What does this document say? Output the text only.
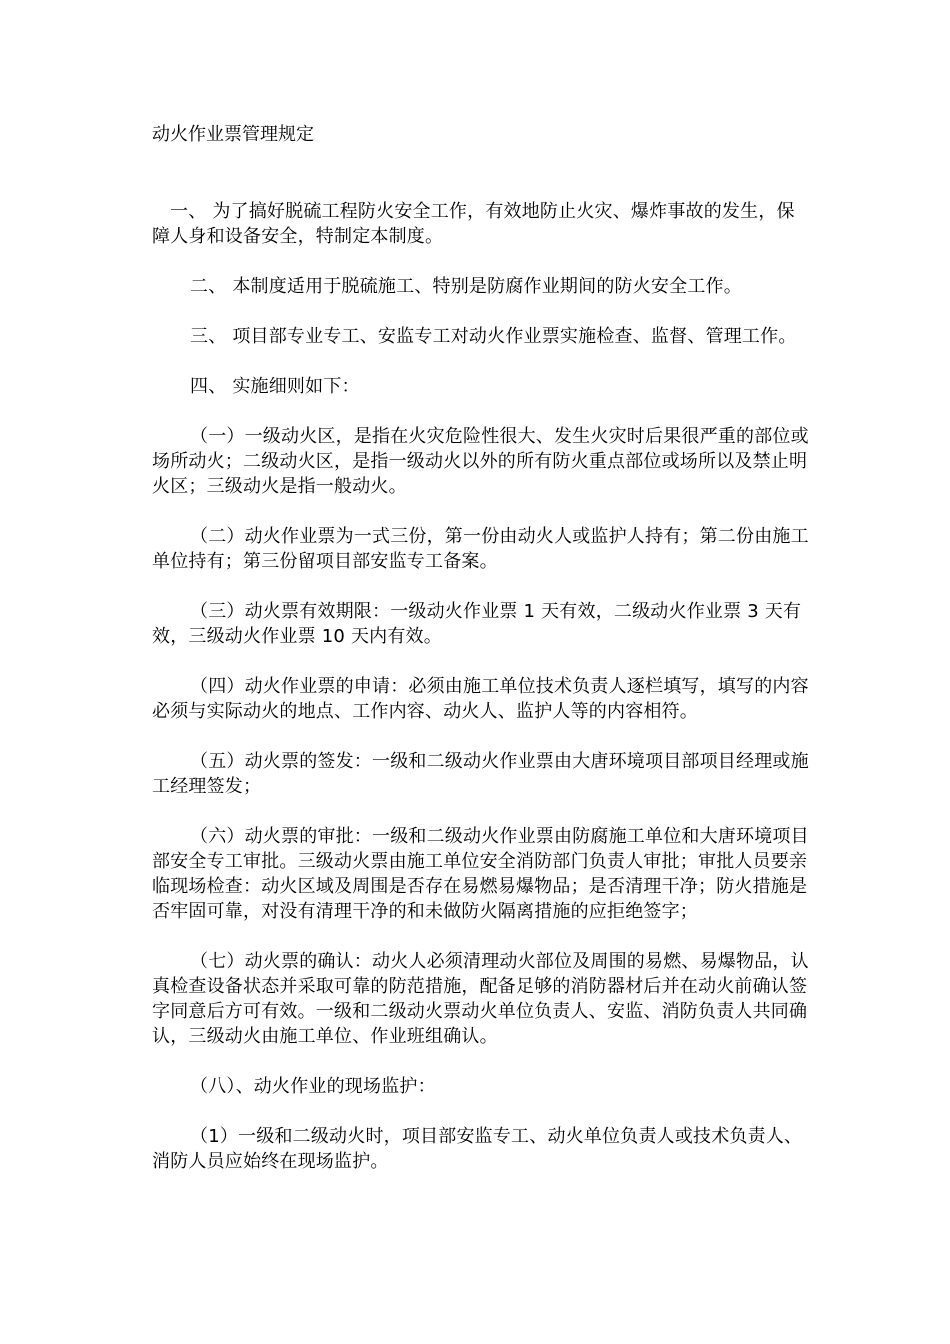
动火作业票管理规定

一、 为了搞好脱硫工程防火安全工作，有效地防止火灾、爆炸事故的发生，保障人身和设备安全，特制定本制度。

二、 本制度适用于脱硫施工、特别是防腐作业期间的防火安全工作。

三、 项目部专业专工、安监专工对动火作业票实施检查、监督、管理工作。

四、 实施细则如下：

（一）一级动火区，是指在火灾危险性很大、发生火灾时后果很严重的部位或场所动火；二级动火区，是指一级动火以外的所有防火重点部位或场所以及禁止明火区；三级动火是指一般动火。

（二）动火作业票为一式三份，第一份由动火人或监护人持有；第二份由施工单位持有；第三份留项目部安监专工备案。

（三）动火票有效期限：一级动火作业票 1 天有效，二级动火作业票 3 天有效，三级动火作业票 10 天内有效。

（四）动火作业票的申请：必须由施工单位技术负责人逐栏填写，填写的内容必须与实际动火的地点、工作内容、动火人、监护人等的内容相符。

（五）动火票的签发：一级和二级动火作业票由大唐环境项目部项目经理或施工经理签发；

（六）动火票的审批：一级和二级动火作业票由防腐施工单位和大唐环境项目部安全专工审批。三级动火票由施工单位安全消防部门负责人审批；审批人员要亲临现场检查：动火区域及周围是否存在易燃易爆物品；是否清理干净；防火措施是否牢固可靠，对没有清理干净的和未做防火隔离措施的应拒绝签字；

（七）动火票的确认：动火人必须清理动火部位及周围的易燃、易爆物品，认真检查设备状态并采取可靠的防范措施，配备足够的消防器材后并在动火前确认签字同意后方可有效。一级和二级动火票动火单位负责人、安监、消防负责人共同确认，三级动火由施工单位、作业班组确认。

（八）、动火作业的现场监护：

（1）一级和二级动火时，项目部安监专工、动火单位负责人或技术负责人、消防人员应始终在现场监护。
